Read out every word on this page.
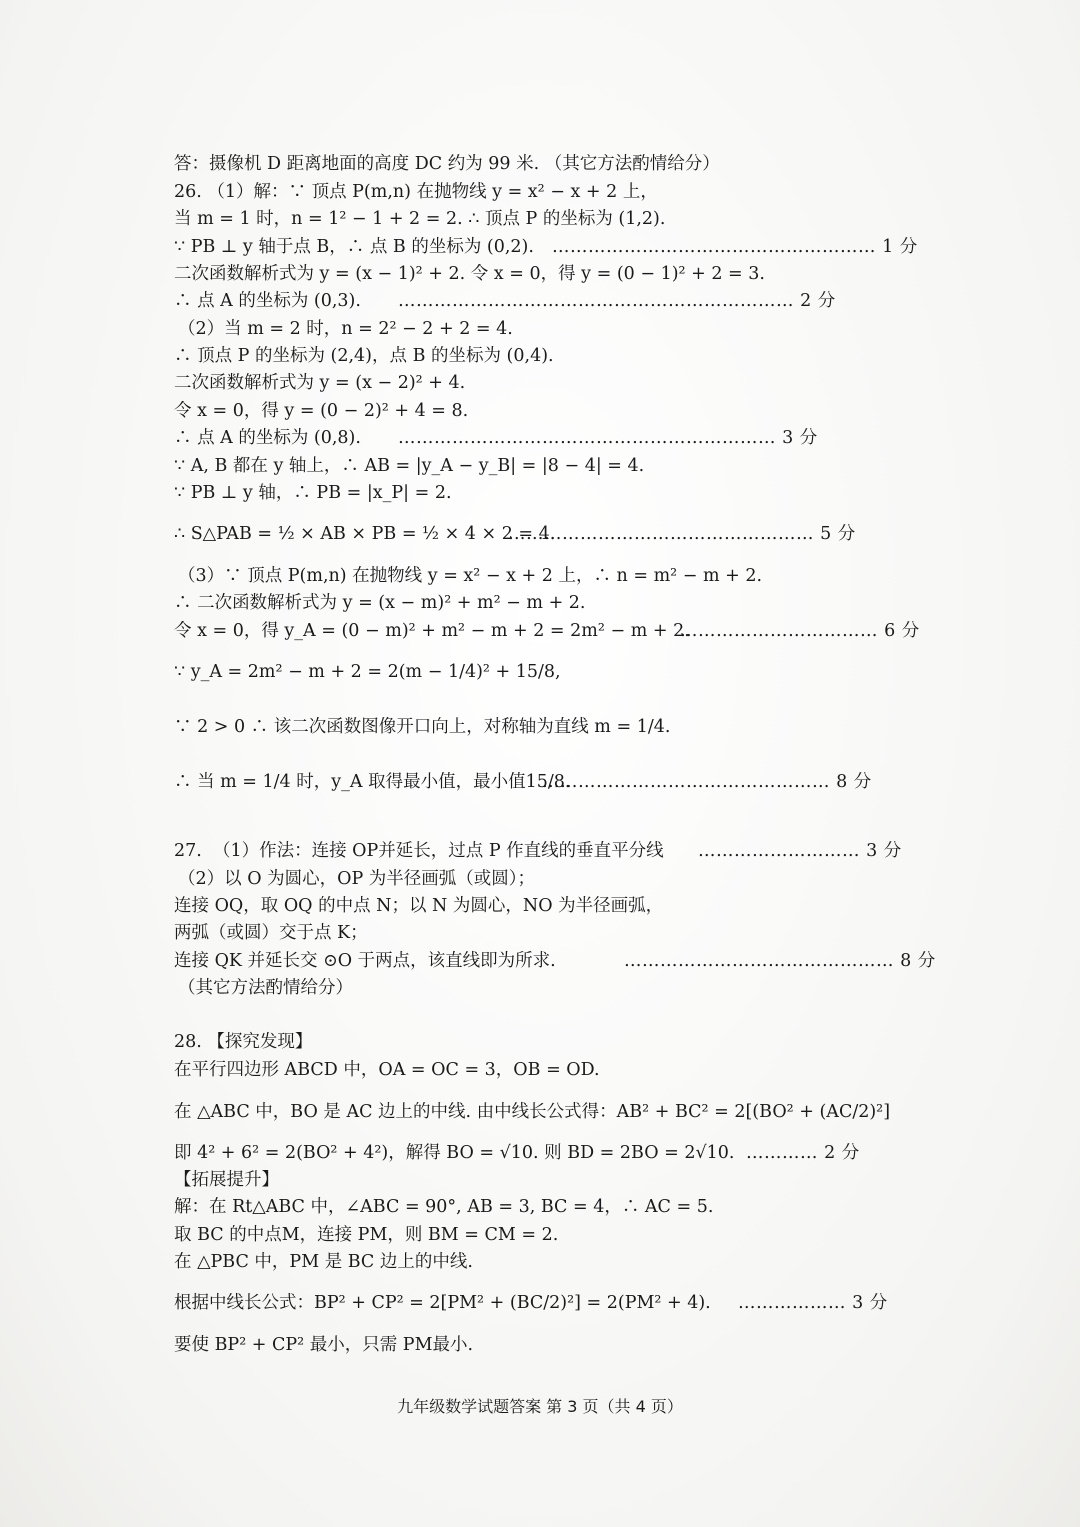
答：摄像机 D 距离地面的高度 DC 约为 99 米. （其它方法酌情给分）
26. （1）解：∵ 顶点 P(m,n) 在抛物线 y = x² − x + 2 上，
当 m = 1 时，n = 1² − 1 + 2 = 2. ∴ 顶点 P 的坐标为 (1,2).
∵ PB ⊥ y 轴于点 B，∴ 点 B 的坐标为 (0,2). ……………………………………………… 1 分
二次函数解析式为 y = (x − 1)² + 2. 令 x = 0，得 y = (0 − 1)² + 2 = 3.
∴ 点 A 的坐标为 (0,3). ………………………………………………………… 2 分
（2）当 m = 2 时，n = 2² − 2 + 2 = 4.
∴ 顶点 P 的坐标为 (2,4)，点 B 的坐标为 (0,4).
二次函数解析式为 y = (x − 2)² + 4.
令 x = 0，得 y = (0 − 2)² + 4 = 8.
∴ 点 A 的坐标为 (0,8). ……………………………………………………… 3 分
∵ A, B 都在 y 轴上，∴ AB = |y_A − y_B| = |8 − 4| = 4.
∵ PB ⊥ y 轴，∴ PB = |x_P| = 2.
∴ S△PAB = ½ × AB × PB = ½ × 4 × 2 = 4.
…………………………………………… 5 分
（3）∵ 顶点 P(m,n) 在抛物线 y = x² − x + 2 上，∴ n = m² − m + 2.
∴ 二次函数解析式为 y = (x − m)² + m² − m + 2.
令 x = 0，得 y_A = (0 − m)² + m² − m + 2 = 2m² − m + 2.
…………………………… 6 分
∵ y_A = 2m² − m + 2 = 2(m − 1/4)² + 15/8,
∵ 2 > 0 ∴ 该二次函数图像开口向上，对称轴为直线 m = 1/4.
∴ 当 m = 1/4 时，y_A 取得最小值，最小值15/8.
………………………………………… 8 分
27.  （1）作法：连接 OP并延长，过点 P 作直线的垂直平分线 ……………………… 3 分
（2）以 O 为圆心，OP 为半径画弧（或圆）；
连接 OQ，取 OQ 的中点 N；以 N 为圆心，NO 为半径画弧，
两弧（或圆）交于点 K；
连接 QK 并延长交 ⊙O 于两点，该直线即为所求.	……………………………………… 8 分
（其它方法酌情给分）
28. 【探究发现】
在平行四边形 ABCD 中，OA = OC = 3，OB = OD.
在 △ABC 中，BO 是 AC 边上的中线. 由中线长公式得：AB² + BC² = 2[(BO² + (AC/2)²]
即 4² + 6² = 2(BO² + 4²)，解得 BO = √10. 则 BD = 2BO = 2√10. ………… 2 分
【拓展提升】
解：在 Rt△ABC 中，∠ABC = 90°, AB = 3, BC = 4，∴ AC = 5.
取 BC 的中点M，连接 PM，则 BM = CM = 2.
在 △PBC 中，PM 是 BC 边上的中线.
根据中线长公式：BP² + CP² = 2[PM² + (BC/2)²] = 2(PM² + 4). ……………… 3 分
要使 BP² + CP² 最小，只需 PM最小.
九年级数学试题答案 第 3 页（共 4 页）
